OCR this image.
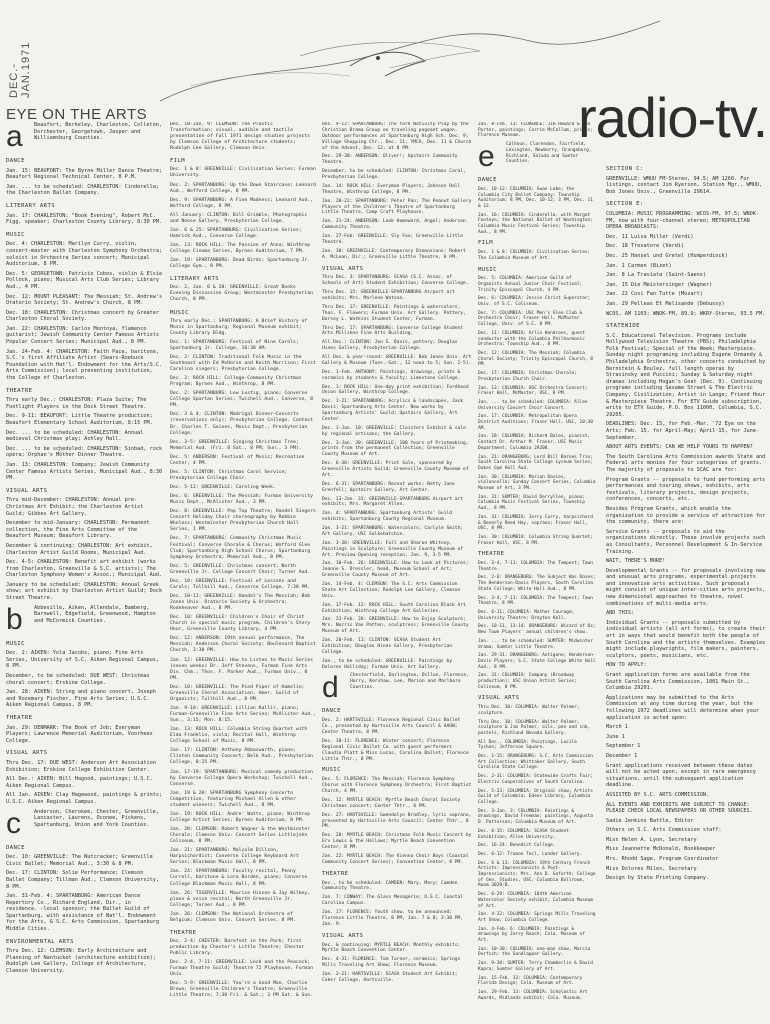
DEC.-JAN.1971
EYE ON THE ARTS	radio-tv.
a	Beaufort, Berkeley, Charleston, Colleton, Dorchester, Georgetown, Jasper and Williamsburg Counties.

DANCE

Jan. 15: BEAUFORT: The Byrne Miller Dance Theatre; Beaufort Regional Technical Center, 8 P.M.

Jan. ... to be scheduled: CHARLESTON: Cinderella; the Charleston Ballet Company.

LITERARY ARTS

Jan. 17: CHARLESTON: "Book Evening", Robert McC. Figg, speaker; Charleston County Library, 8:30 PM.

MUSIC

Dec. 4: CHARLESTON: Marilyn Curry, violin, concert-master with Charleston Symphony Orchestra; soloist in Orchestra Series concert; Municipal Auditorium, 8 PM.

Dec. 5: GEORGETOWN: Patricio Cobos, violin & Elsie Pollock, piano; Musical Arts Club Series; Library Aud., 4 PM.

Dec. 12: MOUNT PLEASANT: The Messiah; St. Andrew's Oratorio Society; St. Andrew's Church, 8 PM.

Dec. 18: CHARLESTON: Christmas concert by Greater Charleston Choral Society.

Jan. 22: CHARLESTON: Carlos Montoya, flamenco guitarist; Jewish Community Center Famous Artists Popular Concert Series; Municipal Aud., 8 PM.

Jan. 24-Feb. 4: CHARLESTON: Faith Pace, baritone, S.C.'s first Affiliate Artist (Sears-Roebuck Foundation with Hat'l. Endowment for the Arts/S.C. Arts Commission); local presenting institution, the College of Charleston.

THEATRE

Thru early Dec.: CHARLESTON: Plaza Suite; The Footlight Players in the Dock Street Theatre.

Dec. 9-11: BEAUFORT: Little Theatre production; Beaufort Elementary School Auditorium, 8:15 PM.

Dec. ... to be scheduled: CHARLESTON: Annual medieval Christmas play; Ashley Hall.

Dec. ... to be scheduled: CHARLESTON: Sinbad, rock opera; Orphan's Mother Dinner Theatre.

Jan. 13: CHARLESTON: Company; Jewish Community Center Famous Artists Series, Municipal Aud., 8:30 PM.

VISUAL ARTS

Thru mid-December: CHARLESTON: Annual pre-Christmas Art Exhibit; the Charleston Artist Guild; Gibbes Art Gallery.

December to mid-January: CHARLESTON: Permanent collection, the Fine Arts Committee of the Beaufort Museum; Beaufort Library.

December & continuing: CHARLESTON: Art exhibit, Charleston Artist Guild Rooms, Municipal Aud.

Dec. 4-5: CHARLESTON: Benefit art exhibit (works from Charleston, Greenville & S.C. artists); The Charleston Symphony Women's Assoc.; Municipal Aud.

January to be scheduled: CHARLESTON: Annual Greek show; art exhibit by Charleston Artist Guild; Dock Street Theatre.

b	Abbeville, Aiken, Allendale, Bamberg, Barnwell, Edgefield, Greenwood, Hampton and McCormick Counties.

MUSIC

Dec. 2: AIKEN: Yola Jacobs, piano; Fine Arts Series, University of S.C. Aiken Regional Campus, 8 PM.

December, to be scheduled: DUE WEST: Christmas choral concert; Erskine College.

Jan. 28: AIKEN: String and piano concert, Joseph and Rosemary Fischer, Fine Arts Series; U.S.C. Aiken Regional Campus, 8 PM.

THEATRE

Jan. 29: DENMARK: The Book of Job; Everyman Players; Lawrence Memorial Auditorium, Voorhees College.

VISUAL ARTS

Thru Dec. 17: DUE WEST: Anderson Art Association Exhibition; Erskine College Exhibition Center.

All Dec.: AIKEN: Bill Hagood, paintings; U.S.C. Aiken Regional Campus.

All Jan. AIKEN: Clay Hagewood, paintings & prints; U.S.C. Aiken Regional Campus.

c	Anderson, Cherokee, Chester, Greenville, Lancaster, Laurens, Oconee, Pickens, Spartanburg, Union and York Counties.

DANCE

Dec. 10: GREENVILLE: The Nutcracker; Greenville Civic Ballet; Memorial Aud., 3:30 & 8 PM.

Dec. 17: CLINTON: Solie Performance; Clemson Ballet Company; Tillman Aud., Clemson University, 8 PM.

Jan. 31-Feb. 4: SPARTANBURG: American Dance Repertory Co., Richard England, Dir., in residence. -local sponsor, the Ballet Guild of Spartanburg, with assistance of Nat'l. Endowment for the Arts, & S.C. Arts Commission, Spartanburg Middle Cities.

ENVIRONMENTAL ARTS

Thru Dec. 12: CLEMSON: Early Architecture and Planning of Nantucket (architecture exhibition); Rudolph Lee Gallery, College of Architecture, Clemson University.

Dec. 18-Jan. 9: CLEMSON: The Plastic Transformation; visual, audible and tactile presentation of Fall 1971 design studies projects by Clemson College of Architecture students; Rudolph Lee Gallery, Clemson Univ.

FILM

Dec. 1 & 8: GREENVILLE: Civilisation Series; Furman University.

Dec. 2: SPARTANBURG: Up the Down Staircase; Leonard Aud., Wofford College, 8 PM.

Dec. 9: SPARTANBURG: A Fine Madness; Leonard Aud., Wofford College, 8 PM.

All January: CLINTON: Bill Grimble, Photographic and Noose Gallery, Presbyterian College.

Jan. 6 & 25: SPARTANBURG: Civilisation Series; Hamrick Aud., Converse College.

Jan. 13: ROCK HILL: The Passion of Anna; Winthrop College Cinema Series, Byrnes Auditorium, 7 PM.

Jan. 19: SPARTANBURG: Dead Birds; Spartanburg Jr. College Gym., 8 PM.

LITERARY ARTS

Dec. 2, Jan. 6 & 20: GREENVILLE: Great Books Evening Discussion Group; Westminster Presbyterian Church, 8 PM.

MUSIC

Thru early Dec.: SPARTANBURG: A Brief History of Music in Spartanburg; Regional Museum exhibit; County Library Bldg.

Dec. 1: SPARTANBURG: Festival of Nine Carols; Spartanburg Jr. College, 10:30 AM.

Dec. 2: CLINTON: Traditional Folk Music in the Southeast with Ed McHorse and Keith Morrison; First Carolina singers; Presbyterian College.

Dec. 2: ROCK HILL: College-Community Christmas Program; Byrnes Aud., Winthrop, 8 PM.

Dec. 2: SPARTANBURG: Lew Lustig, piano; Converse College Spartan Series; Twichell Aud., Converse, 8 PM.

Dec. 3 & 4: CLINTON: Madrigal Dinner—Concerts (reservations only); Presbyterian College. Contact Dr. Charles T. Gaines, Music Dept., Presbyterian College.

Dec. 3-5: GREENVILLE: Singing Christmas Tree; Memorial Aud. (Fri. 8 Sat., 8 PM; Sun., 3 PM).

Dec. 5: ANDERSON: Festival of Music; Recreation Center, 4 PM.

Dec. 5: CLINTON: Christmas Carol Service; Presbyterian College Choir.

Dec. 5-12: GREENVILLE: Caroling Week.

Dec. 6: GREENVILLE: The Messiah; Furman University Music Dept., McAlister Aud., 3 PM.

Dec. 8: GREENVILLE: Pop Top Theatre; Handel Singers Concert Holiday Choir choreography by Robbie Wholess; Westminster Presbyterian Church Hall Series, 1 PM.

Dec. 7: SPARTANBURG: Community Christmas Music Festival; Converse Chorale & Chorus; Wofford Glee Club; Spartanburg High School Chorus; Spartanburg Symphony Orchestra; Memorial Aud., 8 PM.

Dec. 5: GREENVILLE: Christmas concert; North Greenville Jr. College Concert Choir; Turner Aud.

Dec. 10: GREENVILLE: Festival of Lessons and Carols; Tullhill Aud., Converse College, 7:30 PM.

Dec. 10-11: GREENVILLE: Handel's The Messiah; Bob Jones Univ. Oratorio Society & Orchestra; Rodeheaver Aud., 8 PM.

Dec. 10: GREENVILLE: Children's Choir of Christ Church in special music program, Children's Story Hour, Greenville County Library, 4 PM.

Dec. 12: ANDERSON: 19th annual performance, The Messiah; Anderson Choral Society; Boulevard Baptist Church, 3:30 PM.

Jan. 12: GREENVILLE: How to Listen to Music Series (seven weeks) Dr. Jeff Stevens, Furman Fine Arts Div. Chm.; Thos. F. Parker Aud., Furman Univ., 8 PM.

Dec. 10: GREENVILLE: The Pied Piper of Hamelin; Greenville Choral Association, Amer. Guild of Organists; Tullhill Aud., 8 PM.

Jan. 9-10: GREENVILLE: Lillian Kallir, piano; Furman-Greenville Fine Arts Series; McAlister Aud., Sun., 3:15; Mon. 8:15.

Jan. 13: ROCK HILL: Columbia String Quartet with Elda Franklin, viola; Recital Hall, Winthrop College School of Music, 8 PM.

Jan. 17: CLINTON: Anthony Abbaswarth, piano; Clinton Community Concert; Belk Aud., Presbyterian College, 8:15 PM.

Jan. 17-19: SPARTANBURG: Musical comedy production by Converse College Opera Workshop; Twichell Aud., Converse.

Jan. 19 & 20: SPARTANBURG Symphony Concerto Competition, featuring Michael Allen & other student winners; Twichell Aud., 8 PM.

Jan. 19: ROCK HILL: Andre' Watts, piano; Winthrop College Artist Series; Byrnes Auditorium, 8 PM.

Jan. 20: CLEMSON: Robert Wagner & the Westminster Chorale; Clemson Univ. Concert Series Littlejohn Coliseum, 8 PM.

Jan. 21: SPARTANBURG: Malcolm Dillson, Harpsichordist; Converse College Keyboard Art Series; Blackman Music Hall, 8 PM.

Jan. 24: SPARTANBURG: Faculty recital, Penny Currell, baritone & Lora Borden, piano; Converse College Blackman Music Hall, 8 PM.

Jan. 26: TIGERVILLE: Maurice Hinson & Jay Wilkey, piano & voice recital; North Greenville Jr. College; Turner Aud., 8 PM.

Jan. 26: CLEMSON: The National Orchestra of Belgium; Clemson Univ. Concert Series, 8 PM.

THEATRE

Dec. 2-4: CHESTER: Barefoot in the Park; first production by Chester's Little Theatre; Chester Public Library.

Dec. 2-4, 7-11: GREENVILLE: Lock and the Peacock; Furman Theatre Guild; Theatre 72 Playhouse, Furman Univ.

Dec. 5-9: GREENVILLE: You're a Good Man, Charlie Brown; Greenville Children's Theatre; Greenville Little Theatre; 7:30 Fri. & Sat.; 3 PM Sat. & Sun.

Dec. 9-12: SPARTANBURG: The York Nativity Play by the Christian Drama Group on traveling pageant wagon. Outdoor performances at Spartanburg High Sch. Dec. 9; Village Shopping Ctr., Dec. 11; YMCA, Dec. 11 & Church of the Advent, Dec. 12, at 8 PM.

Dec. 29-30: ANDERSON: Oliver!; Upstairs Community Theatre.

December, to be scheduled: CLINTON: Christmas Carol, Presbyterian College.

Jan. 14: ROCK HILL: Everyman Players; Johnson Hall Theatre, Winthrop College, 8 PM.

Jan. 20-22: SPARTANBURG: Peter Pan; The Peanut Gallery Players of the Children's Theatre of Spartanburg Little Theatre, Camp Croft Playhouse.

Jan. 21-24: ANDERSON: Look Homeward, Angel; Anderson Community Theatre.

Jan. 27-Feb: GREENVILLE: Sly Fox; Greenville Little Theatre.

Jan. 30: GREENVILLE: Contemporary Dimensions: Robert A. McLean, Dir.; Greenville Little Theatre, 8 PM.

VISUAL ARTS

Thru Dec. 3: SPARTANBURG: SCASA (S.C. Assoc. of Schools of Art) Student Exhibition; Converse College.

Thru Dec. 15: GREENVILLE-SPARTANBURG Airport art exhibits; Mrs. Marlene Watson.

Thru Dec. 17: GREENVILLE: Paintings & watercolors, Thos. F. Flowers; Furman Univ. Art Gallery. Pottery, Dorsey L. Watkins Student Center, Furman.

Thru Dec. 17: SPARTANBURG: Converse College Student Arts Milliken Fine Arts Building.

All Dec.: CLINTON: Jon S. Davis, pottery; Douglas Hines Gallery, Presbyterian College.

All Dec. & year-round: GREENVILLE: Bob Jones Univ. Art Gallery & Museum (Tues.-Sat., 12 noon to 5; Sun. 2-5).

Dec. 1-Feb. ANTHONY: Paintings, drawings, prints & ceramics by students & faculty; Limestone College.

Dec. 1: ROCK HILL: One-day print exhibition; Fordhood Union Gallery, Winthrop College.

Dec. 1-21: SPARTANBURG: Acrylics & landscapes, Jack Davis; Spartanburg Arts Center. New works by Spartanburg Artists' Guild; Upstairs Gallery, Art Center.

Dec. 1-Jan. 10: GREENVILLE: Cloisters Exhibit & sale by regional artisans; the Gallery.

Dec. 3-Jan. 30: GREENVILLE: 100 Years of Printmaking, prints from the permanent Collection; Greenville County Museum of Art.

Dec. 6-30: GREENVILLE: Print Sale, sponsored by Greenville Artists Guild; Greenville County Museum of Art.

Dec. 6-31: SPARTANBURG: Recent works; Betty Jane Grenfell; Upstairs Gallery, Art Center.

Dec. 13-Jan. 31: GREENVILLE-SPARTANBURG Airport art exhibits; Mrs. Margaret Allen.

Jan. 4: SPARTANBURG: Spartanburg Artists' Guild exhibits; Spartanburg County Regional Museum.

Jan. 3-21: SPARTANBURG: Watercolors; Carlyle Smith; Art Gallery, USC Salkehatchie.

Jan. 3-30: GREENVILLE: Fall and Sharon Whitney, Paintings in Sculpture; Greenville County Museum of Art. Preview Opening reception, Jan. 9, 3-5 PM.

Jan. 10-Feb. 26: GREENVILLE: How to Look at Pictures; Jeanne S. Dressler, head, Museum School of Art; Greenville County Museum of Art.

Jan. 14-Feb. 4: CLEMSON: The S.C. Arts Commission State Art Collection; Rudolph Lee Gallery, Clemson Univ.

Jan. 17-Feb. 12: ROCK HILL: South Carolina Black Art Exhibition; Winthrop College Art Galleries.

Jan. 23-Feb. 26: GREENVILLE: How to Enjoy Sculpture; Mrs. Norris Van Patten, sculptress; Greenville County Museum of Art.

Jan. 20-Feb. 11: CLINTON: SCASA Student Art Exhibition; Douglas Hines Gallery, Presbyterian College.

Jan., to be scheduled: GREENVILLE: Paintings by Dolores Halliday; Furman Univ. Art Gallery.

d	Chesterfield, Darlington, Dillon, Florence, Horry, Kershaw, Lee, Marion and Marlboro Counties.

DANCE

Dec. 2: HARTSVILLE: Florence Regional Civic Ballet Co., presented by Hartsville Arts Council & AAUW; Center Theatre, 8 PM.

Dec. 10-11: FLORENCE: Winter concert; Florence Regional Civic Ballet Co. with guest performers Claudia Platt & Miss Lucas, Carolina Ballet; Florence Little Thtr., 8 PM.

MUSIC

Dec. 5: FLORENCE: The Messiah; Florence Symphony Chorus with Florence Symphony Orchestra; First Baptist Church, 4 PM.

Dec. 12: MYRTLE BEACH: Myrtle Beach Choral Society Christmas concert; Center Thtr., 8 PM.

Dec. 27: HARTSVILLE: Gwendolyn Bradley, lyric soprano, presented by Hartsville Arts Council; Center Thtr., 8 PM.

Dec. 20: MYRTLE BEACH: Christmas Folk Music Concert by Erv Lewis & the Hallows; Myrtle Beach Convention Center, 8 PM.

Jan. 22: MYRTLE BEACH: The Vienna Choir Boys (Coastal Community Concert Series); Convention Center, 8 PM.

THEATRE

Dec., to be scheduled: CAMDEN: Mary, Mary; Camden Community Theatre.

Jan. 7: CONWAY: The Glass Menagerie; U.S.C. Coastal Carolina Campus.

Jan. 17: FLORENCE: Youth show, to be announced; Florence Little Theatre, 8 PM, Jan. 7 & 8; 3:30 PM, Jan. 9.

VISUAL ARTS

Dec. & continuing: MYRTLE BEACH: Monthly exhibits; Myrtle Beach Convention Center.

Dec. 4-31: FLORENCE: Tom Turner, ceramics; Springs Mills Traveling Art Show; Florence Museum.

Jan. 3-21: HARTSVILLE: SCASA Student Art Exhibit; Coker College, Hartsville.

Jan. 8-Feb. 13: FLORENCE: Jim Howard & Ron Porter, paintings; Carrie McCallum, prints; Florence Museum.

e	Calhoun, Clarendon, Fairfield, Lexington, Newberry, Orangeburg, Richland, Saluda and Sumter Counties.

DANCE

Dec. 10-12: COLUMBIA: Swan Lake; the Columbia City Ballet Company; Township Auditorium; 8 PM, Dec. 10-12; 3 PM, Dec. 11 & 12.

Jan. 16: COLUMBIA: Cinderella, with Margot Fonteyn; the National Ballet of Washington; Columbia Music Festival Series; Township Aud., 8 PM.

FILM

Dec. 1 & 8: COLUMBIA: Civilisation Series; The Columbia Museum of Art.

MUSIC

Dec. 5: COLUMBIA: American Guild of Organists Annual Junior Choir Festival; Trinity Episcopal Church, 4 PM.

Dec. 6: COLUMBIA: Jessie Christ Superstar; Univ. of S.C. Coliseum.

Dec. 7: COLUMBIA: USC Men's Glee Club & Orchestra Choir; Fraser Hall, McMaster College, Univ. of S.C. 8 PM.

Dec. 11: COLUMBIA: Arlin Hendrons, guest conductor with the Columbia Philharmonic Orchestra; Township Aud., 8 PM.

Dec. 12: COLUMBIA: The Messiah; Columbia Choral Society; Trinity Episcopal Church, 8 PM.

Dec. 17: COLUMBIA: Christmas Chorale; Presbyterian Church Choir.

Jan. 13: COLUMBIA: USC Orchestra Concert; Fraser Hall, McMaster, USC, 8 PM.

Jan. ... to be scheduled: COLUMBIA: Allen University Concert Choir Concert.

Jan. 17: COLUMBIA: Metropolitan Opera District Auditions; Fraser Hall, USC, 10:30 AM.

Jan. 18: COLUMBIA: Richard Bales, pianist, Contact Dr. Arthur M. Fraser, USC Music Department, Columbia 29208.

Jan. 21: ORANGEBURG: Lord Bill Barnes Trio; South Carolina State College Lyceum Series; Dukes Gym Hall Aud.

Jan. 30: COLUMBIA: Marian Davies, violoncello; Sunday Concert Series, Columbia Museum of Art, 3 PM.

Jan. 31: SUMTER: David Derryllen, piano; Columbia Music Festival Series, Township Aud., 8 PM.

Jan. 31: COLUMBIA: Jerry Curry, harpsichord & Beverly Reed Hay, soprano; Fraser Hall, USC, 8 PM.

Jan. 30: COLUMBIA: Columbia String Quartet; Fraser Hall, USC, 8 PM.

THEATRE

Dec. 3-4, 7-11: COLUMBIA: The Tempest; Town Theatre.

Dec. 2-6: ORANGEBURG: The Subject Was Roses; The Henderson-Davis Players, South Carolina State College; White Hall Aud., 8 PM.

Dec. 3-4, 7-11: COLUMBIA: The Tempest; Town Theatre, 8 PM.

Dec. 6-11: COLUMBIA: Mother Courage; University Theatre; Drayton Hall.

Dec. 10-11, 13-14: ORANGEBURG: Wizard of Oz; New Town Players' annual children's show.

Jan. ... to be scheduled: SUMTER: Midwinter drama; Sumter Little Theatre.

Jan. 29-31: ORANGEBURG: Antigone; Henderson-Davis Players; S.C. State College White Hall Aud., 8 PM.

Jan. 31: COLUMBIA: Company (Broadway production); USC Union Artist Series; Coliseum, 8 PM.

VISUAL ARTS

Thru Dec. 30: COLUMBIA: Walter Palmer, sculpture.

Thru Dec. 30: COLUMBIA: Walter Palmer, sculpture & Jim Palmer, oils, pen and ink, pastels, Richland Nevada Gallery.

All Dec., COLUMBIA: Paintings, Lucile Tychon; Jefferson Square.

Dec. 1-15: ORANGEBURG: S.C. Arts Commission Art Collection; Whittaker Gallery, South Carolina State College.

Dec. 2-31: COLUMBIA: Statewide Crafts Fair; Electric Cooperatives of South Carolina.

Dec. 5-23: COLUMBIA: Original show; Artists Guild of Columbia; Edens Library, Columbia College.

Dec. 3-Jan. 3: COLUMBIA: Paintings & drawings, David Freeman; paintings, Augusta D. Patterson; Columbia Museum of Art.

Dec. 6-15: COLUMBIA: SCASA Student Exhibition; Allen University.

Dec. 16-24: Benedict College.

Dec. 6-12: Trumon Tecl, Lander Gallery.

Dec. 6 & 13: COLUMBIA: 19th Century French Artists: Impressionists & Post-Impressionists; Mrs. Ann D. Goforth; College of Gen. Studies, USC, Columbia Ballroom, Room 3020-B.

Dec. 6-29: COLUMBIA: 104th American Watercolor Society exhibit; Columbia Museum of Art.

Jan. 4-22: COLUMBIA: Springs Mills Traveling Art Show; Columbia College.

Jan. 4-Feb. 6: COLUMBIA: Paintings & drawings by Jerry Roach; Cola. Museum of Art.

Jan. 10-30: COLUMBIA: one-man show, Marcia Durfsch; the Sandlapper Gallery.

Jan. 9-30: SUMTER: Terry Chamberlin & David Kapra; Sumter Gallery of Art.

Jan. 15-Feb. 13: COLUMBIA: Contemporary Florida Design; Cola. Museum of Art.

Jan. 29-Feb. 13: COLUMBIA: Scholastic Art Awards, Midlands exhibit; Cola. Museum.

SECTION C:

GREENVILLE: WMUU FM-Stereo, 94.5; AM 1260. For listings, contact Jim Ryerson, Station Mgr., WMUU, Bob Jones Univ., Greenville 29614.

SECTION E:

COLUMBIA: MUSIC PROGRAMMING: WCOS-FM, 97.5; WNOK-FM, now with four-channel stereo; METROPOLITAN OPERA BROADCASTS:

Dec. 11 Luisa Miller (Verdi)

Dec. 18 Trovatore (Verdi)

Dec. 25 Hansel und Gretel (Humperdinck)

Jan. 1 Carmen (Bizet)

Jan. 8 La Traviata (Saint-Saens)

Jan. 15 Die Meistersinger (Wagner)

Jan. 22 Cosi Fan Tutte (Mozart)

Jan. 29 Pelleas Et Melisande (Debussy)

WCOS, AM 1103; WNOK-FM, 89.9; WKRY-Stereo, 93.5 FM.

STATEWIDE

S.C. Educational Television. Programs include Hollywood Television Theatre (PBS); Philadelphia Folk Festival; Special of the Week; Masterpiece. Sunday night programing including Eugene Ormandy & Philadelphia Orchestra, other concerts conducted by Bernstein & Boulez, full length operas by Stravinsky and Puccini; Sunday & Saturday night dramas including Hogan's Goat (Dec. 9). Continuing programs including Sesame Street & The Electric Company, Civilization; Artist in Lange; Friend Hour & Masterpiece Theatre. For ETV Guide subscription, write to ETV Guide, P.O. Box 11000, Columbia, S.C. 29205.

DEADLINES: Dec. 15, for Feb.-Mar. '72 Eye on the Arts; Feb. 15, for April-May; April 15, for June-September.

ABOUT ARTS EVENTS: CAN WE HELP YOURS TO HAPPEN?

The South Carolina Arts Commission awards State and Federal arts monies for four categories of grants. The majority of proposals to SCAC are for:

Program Grants -- proposals to fund performing arts performances and touring shows, exhibits, arts festivals, literary projects, design projects, conferences, concerts, etc.

Besides Program Grants, which enable the organization to provide a service of attraction for the community, there are:

Service Grants -- proposals to aid the organizations directly. These involve projects such as Consultants, Personnel Development & In-Service Training.

WAIT, THERE'S MORE!

Developmental Grants -- for proposals involving new and unusual arts programs, experimental projects and innovative arts activities. Such proposals might consist of unique inter-cities arts projects, new dimensional approaches to theatre, novel combinations of multi-media arts.

AND THIS:

Individual Grants -- proposals submitted by individual artists (all art forms), to create their art in ways that would benefit both the people of South Carolina and the artists themselves. Examples might include playwrights, film makers, painters, sculptors, poets, musicians, etc.

HOW TO APPLY:

Grant application forms are available from the South Carolina Arts Commission, 1001 Main St., Columbia 29201.

Applications may be submitted to the Arts Commission at any time during the year, but the following 1972 deadlines will determine when your application is acted upon:

March 1

June 1

September 1

December 1

Grant applications received between these dates will not be acted upon, except in rare emergency situations, until the subsequent application deadline.

ASSISTED BY S.C. ARTS COMMISSION.

ALL EVENTS AND EXHIBITS ARE SUBJECT TO CHANGE: PLEASE CHECK LOCAL NEWSPAPERS OR OTHER SOURCES.

Sadie Jenkins Battle, Editor

Others on S.C. Arts Commission staff:

Miss Helen A. Lyon, Secretary

Miss Jeannette McDonald, Bookkeeper

Mrs. Rhodd Sage, Program Coordinator

Miss Dolores Miles, Secretary

Design by State Printing Company.
